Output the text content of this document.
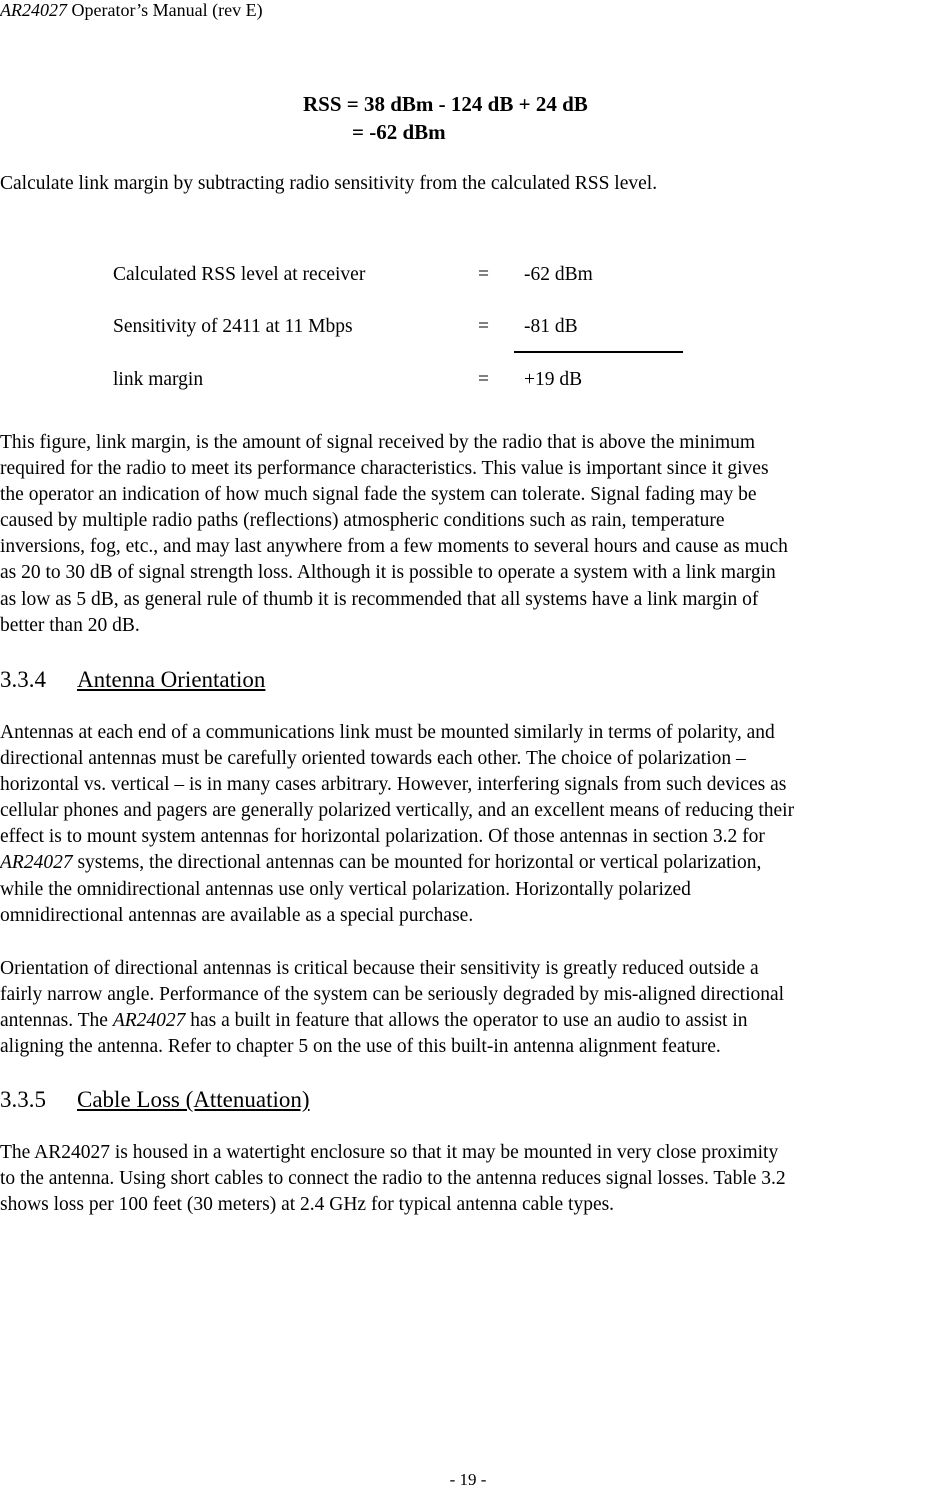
AR24027 Operator’s Manual (rev E)
RSS = 38 dBm - 124 dB + 24 dB
= -62 dBm
Calculate link margin by subtracting radio sensitivity from the calculated RSS level.
Calculated RSS level at receiver	= -62 dBm
Sensitivity of 2411 at 11 Mbps	= -81 dB
link margin	= +19 dB
This figure, link margin, is the amount of signal received by the radio that is above the minimum
required for the radio to meet its performance characteristics. This value is important since it gives
the operator an indication of how much signal fade the system can tolerate. Signal fading may be
caused by multiple radio paths (reflections) atmospheric conditions such as rain, temperature
inversions, fog, etc., and may last anywhere from a few moments to several hours and cause as much
as 20 to 30 dB of signal strength loss. Although it is possible to operate a system with a link margin
as low as 5 dB, as general rule of thumb it is recommended that all systems have a link margin of
better than 20 dB.
3.3.4 Antenna Orientation
Antennas at each end of a communications link must be mounted similarly in terms of polarity, and
directional antennas must be carefully oriented towards each other. The choice of polarization –
horizontal vs. vertical – is in many cases arbitrary. However, interfering signals from such devices as
cellular phones and pagers are generally polarized vertically, and an excellent means of reducing their
effect is to mount system antennas for horizontal polarization. Of those antennas in section 3.2 for
AR24027 systems, the directional antennas can be mounted for horizontal or vertical polarization,
while the omnidirectional antennas use only vertical polarization. Horizontally polarized
omnidirectional antennas are available as a special purchase.
Orientation of directional antennas is critical because their sensitivity is greatly reduced outside a
fairly narrow angle. Performance of the system can be seriously degraded by mis-aligned directional
antennas. The AR24027 has a built in feature that allows the operator to use an audio to assist in
aligning the antenna. Refer to chapter 5 on the use of this built-in antenna alignment feature.
3.3.5 Cable Loss (Attenuation)
The AR24027 is housed in a watertight enclosure so that it may be mounted in very close proximity
to the antenna. Using short cables to connect the radio to the antenna reduces signal losses. Table 3.2
shows loss per 100 feet (30 meters) at 2.4 GHz for typical antenna cable types.
- 19 -
